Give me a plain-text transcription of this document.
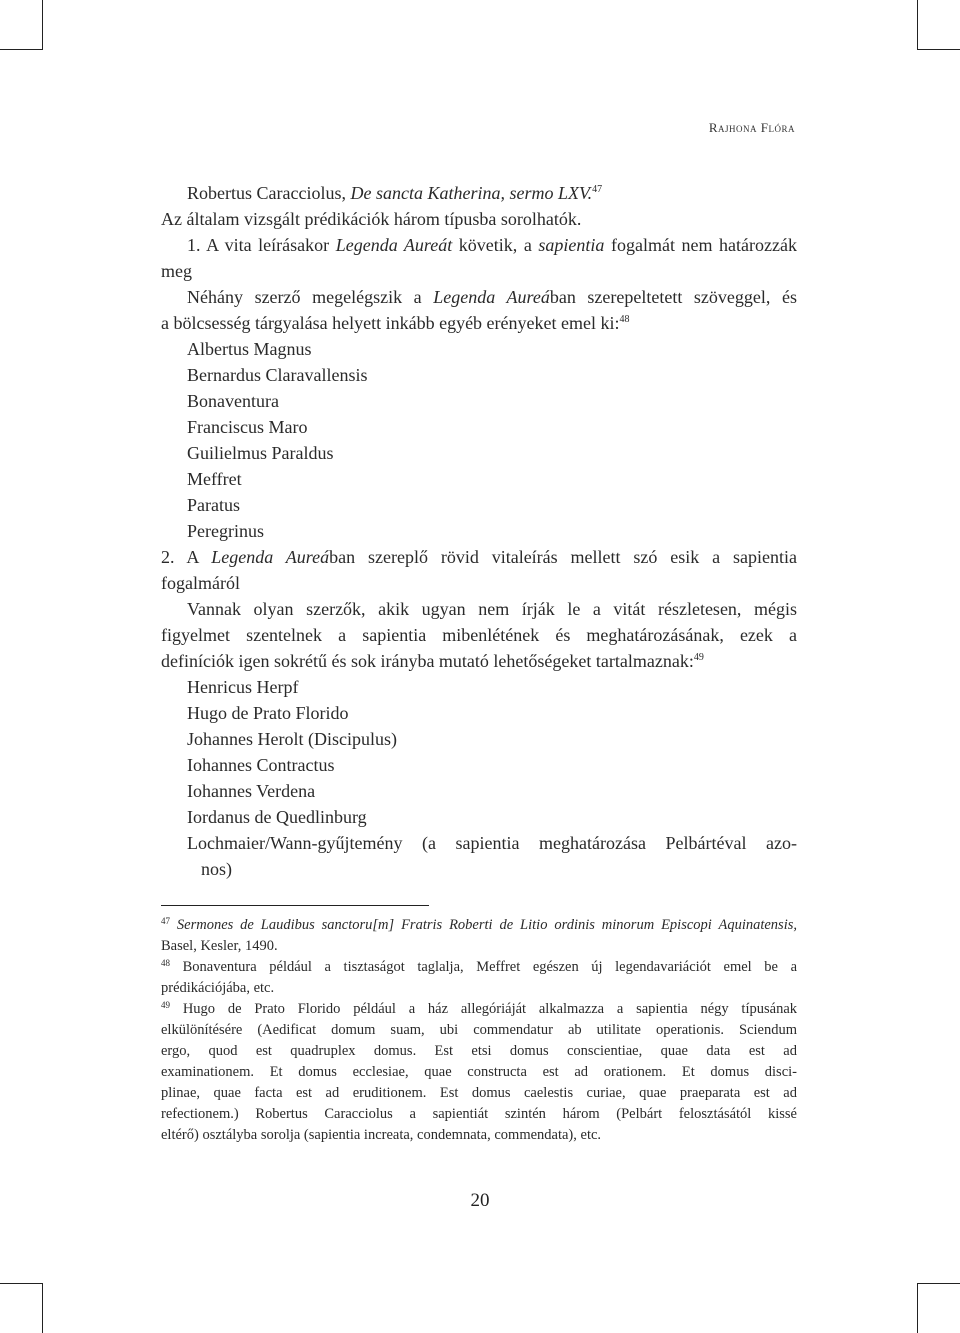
Rajhona Flóra
Robertus Caracciolus, De sancta Katherina, sermo LXV.$^{47}$
Az általam vizsgált prédikációk három típusba sorolhatók.
1. A vita leírásakor Legenda Aureát követik, a sapientia fogalmát nem határozzák
meg
Néhány szerző megelégszik a Legenda Aureában szerepeltetett szöveggel, és
a bölcsesség tárgyalása helyett inkább egyéb erényeket emel ki:$^{48}$
Albertus Magnus
Bernardus Claravallensis
Bonaventura
Franciscus Maro
Guilielmus Paraldus
Meffret
Paratus
Peregrinus
2. A Legenda Aureában szereplő rövid vitaleírás mellett szó esik a sapientia
fogalmáról
Vannak olyan szerzők, akik ugyan nem írják le a vitát részletesen, mégis
figyelmet szentelnek a sapientia mibenlétének és meghatározásának, ezek a
definíciók igen sokrétű és sok irányba mutató lehetőségeket tartalmaznak:$^{49}$
Henricus Herpf
Hugo de Prato Florido
Johannes Herolt (Discipulus)
Iohannes Contractus
Iohannes Verdena
Iordanus de Quedlinburg
Lochmaier/Wann-gyűjtemény (a sapientia meghatározása Pelbártéval azo-
nos)
$^{47}$ Sermones de Laudibus sanctoru[m] Fratris Roberti de Litio ordinis minorum Episcopi Aquinatensis,
Basel, Kesler, 1490.
$^{48}$ Bonaventura például a tisztaságot taglalja, Meffret egészen új legendavariációt emel be a
prédikációjába, etc.
$^{49}$ Hugo de Prato Florido például a ház allegóriáját alkalmazza a sapientia négy típusának
elkülönítésére (Aedificat domum suam, ubi commendatur ab utilitate operationis. Sciendum
ergo, quod est quadruplex domus. Est etsi domus conscientiae, quae data est ad
examinationem. Et domus ecclesiae, quae constructa est ad orationem. Et domus disci-
plinae, quae facta est ad eruditionem. Est domus caelestis curiae, quae praeparata est ad
refectionem.) Robertus Caracciolus a sapientiát szintén három (Pelbárt felosztásától kissé
eltérő) osztályba sorolja (sapientia increata, condemnata, commendata), etc.
20
